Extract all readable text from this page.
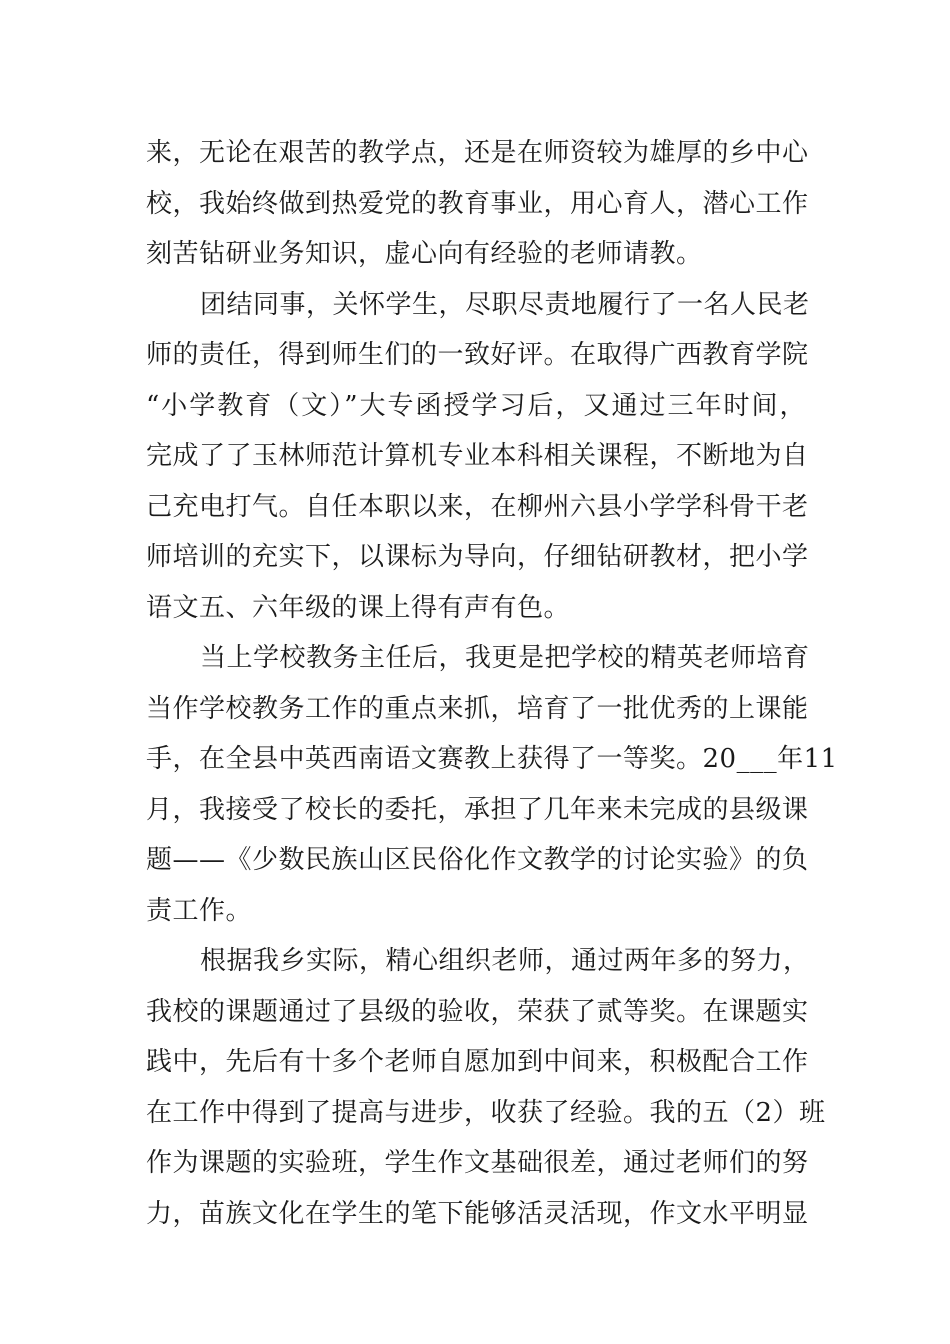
来，无论在艰苦的教学点，还是在师资较为雄厚的乡中心
校，我始终做到热爱党的教育事业，用心育人，潜心工作
刻苦钻研业务知识，虚心向有经验的老师请教。
团结同事，关怀学生，尽职尽责地履行了一名人民老
师的责任，得到师生们的一致好评。在取得广西教育学院
“小学教育（文）”大专函授学习后，又通过三年时间，
完成了了玉林师范计算机专业本科相关课程，不断地为自
己充电打气。自任本职以来，在柳州六县小学学科骨干老
师培训的充实下，以课标为导向，仔细钻研教材，把小学
语文五、六年级的课上得有声有色。
当上学校教务主任后，我更是把学校的精英老师培育
当作学校教务工作的重点来抓，培育了一批优秀的上课能
手，在全县中英西南语文赛教上获得了一等奖。20___年11
月，我接受了校长的委托，承担了几年来未完成的县级课
题——《少数民族山区民俗化作文教学的讨论实验》的负
责工作。
根据我乡实际，精心组织老师，通过两年多的努力，
我校的课题通过了县级的验收，荣获了贰等奖。在课题实
践中，先后有十多个老师自愿加到中间来，积极配合工作
在工作中得到了提高与进步，收获了经验。我的五（2）班
作为课题的实验班，学生作文基础很差，通过老师们的努
力，苗族文化在学生的笔下能够活灵活现，作文水平明显
